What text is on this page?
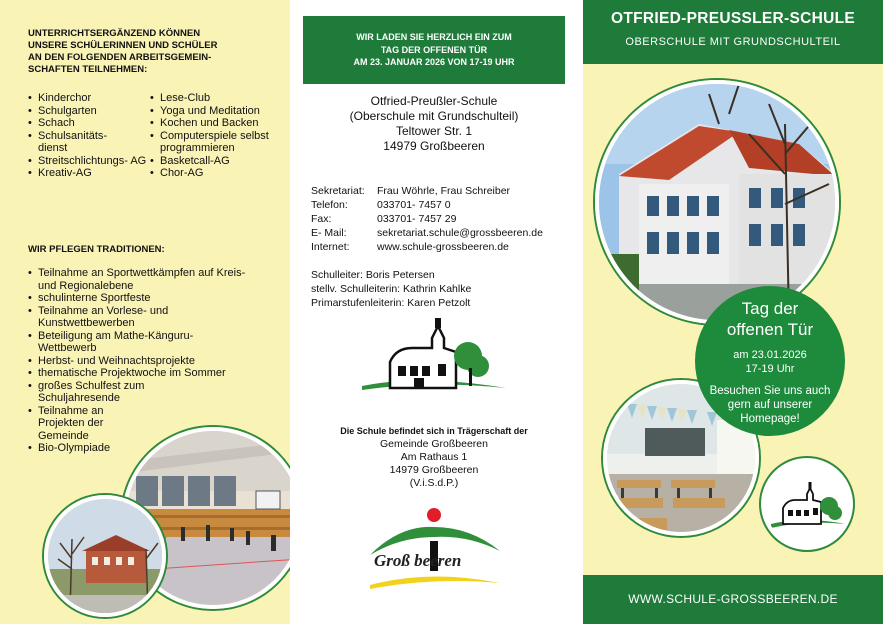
UNTERRICHTSERGÄNZEND KÖNNEN
UNSERE SCHÜLERINNEN UND SCHÜLER
AN DEN FOLGENDEN ARBEITSGEMEIN-
SCHAFTEN TEILNEHMEN:
• Kinderchor
• Schulgarten
• Schach
• Schulsanitäts- dienst
• Streitschlichtungs- AG
• Kreativ-AG
• Lese-Club
• Yoga und Meditation
• Kochen und Backen
• Computerspiele selbst programmieren
• Basketcall-AG
• Chor-AG
WIR PFLEGEN TRADITIONEN:
• Teilnahme an Sportwettkämpfen auf Kreis- und Regionalebene
• schulinterne Sportfeste
• Teilnahme an Vorlese- und Kunstwettbewerben
• Beteiligung am Mathe-Känguru-Wettbewerb
• Herbst- und Weihnachtsprojekte
• thematische Projektwoche im Sommer
• großes Schulfest zum Schuljahresende
• Teilnahme an Projekten der Gemeinde
• Bio-Olympiade
WIR LADEN SIE HERZLICH EIN ZUM
TAG DER OFFENEN TÜR
AM 23. JANUAR 2026 VON 17-19 UHR
Otfried-Preußler-Schule
(Oberschule mit Grundschulteil)
Teltower Str. 1
14979 Großbeeren
Sekretariat: Frau Wöhrle, Frau Schreiber
Telefon:	033701- 7457 0
Fax:	033701- 7457 29
E- Mail:	sekretariat.schule@grossbeeren.de
Internet:	www.schule-grossbeeren.de
Schulleiter: Boris Petersen
stellv. Schulleiterin: Kathrin Kahlke
Primarstufenleiterin: Karen Petzolt
Die Schule befindet sich in Trägerschaft der
Gemeinde Großbeeren
Am Rathaus 1
14979 Großbeeren
(V.i.S.d.P.)
Groß beeren
OTFRIED-PREUSSLER-SCHULE
OBERSCHULE MIT GRUNDSCHULTEIL
Tag der offenen Tür
am 23.01.2026
17-19 Uhr
Besuchen Sie uns auch gern auf unserer Homepage!
WWW.SCHULE-GROSSBEEREN.DE
